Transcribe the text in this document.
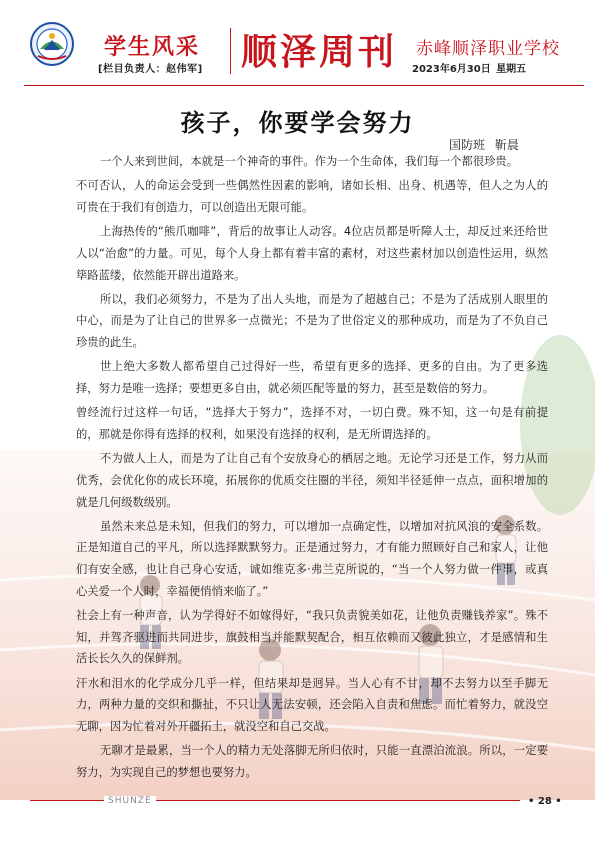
学生风采
[栏目负责人：赵伟军] 顺泽周刊 赤峰顺泽职业学校
2023年6月30日 星期五
孩子，你要学会努力
国防班 靳晨

一个人来到世间，本就是一个神奇的事件。作为一个生命体，我们每一个都很珍贵。

不可否认，人的命运会受到一些偶然性因素的影响，诸如长相、出身、机遇等，但人之为人的可贵在于我们有创造力，可以创造出无限可能。

上海热传的“熊爪咖啡”，背后的故事让人动容。4位店员都是听障人士，却反过来还给世人以“治愈”的力量。可见，每个人身上都有着丰富的素材，对这些素材加以创造性运用，纵然筚路蓝缕，依然能开辟出道路来。

所以，我们必须努力，不是为了出人头地，而是为了超越自己；不是为了活成别人眼里的中心，而是为了让自己的世界多一点微光；不是为了世俗定义的那种成功，而是为了不负自己珍贵的此生。

世上绝大多数人都希望自己过得好一些，希望有更多的选择、更多的自由。为了更多选择，努力是唯一选择；要想更多自由，就必须匹配等量的努力，甚至是数倍的努力。

曾经流行过这样一句话，“选择大于努力”，选择不对，一切白费。殊不知，这一句是有前提的，那就是你得有选择的权利，如果没有选择的权利，是无所谓选择的。

不为做人上人，而是为了让自己有个安放身心的栖居之地。无论学习还是工作，努力从而优秀，会优化你的成长环境，拓展你的优质交往圈的半径，须知半径延伸一点点，面积增加的就是几何级数级别。

虽然未来总是未知，但我们的努力，可以增加一点确定性，以增加对抗风浪的安全系数。正是知道自己的平凡，所以选择默默努力。正是通过努力，才有能力照顾好自己和家人，让他们有安全感，也让自己身心安适，诚如维克多·弗兰克所说的，“当一个人努力做一件事，或真心关爱一个人时，幸福便悄悄来临了。”

社会上有一种声音，认为学得好不如嫁得好，“我只负责貌美如花，让他负责赚钱养家”。殊不知，并驾齐驱进而共同进步，旗鼓相当并能默契配合，相互依赖而又彼此独立，才是感情和生活长长久久的保鲜剂。

汗水和泪水的化学成分几乎一样，但结果却是迥异。当人心有不甘，却不去努力以至手脚无力，两种力量的交织和撕扯，不只让人无法安顿，还会陷入自责和焦虑。而忙着努力，就没空无聊，因为忙着对外开疆拓土，就没空和自己交战。

无聊才是最累，当一个人的精力无处落脚无所归依时，只能一直漂泊流浪。所以，一定要努力，为实现自己的梦想也要努力。

SHUNZE	• 28 •
